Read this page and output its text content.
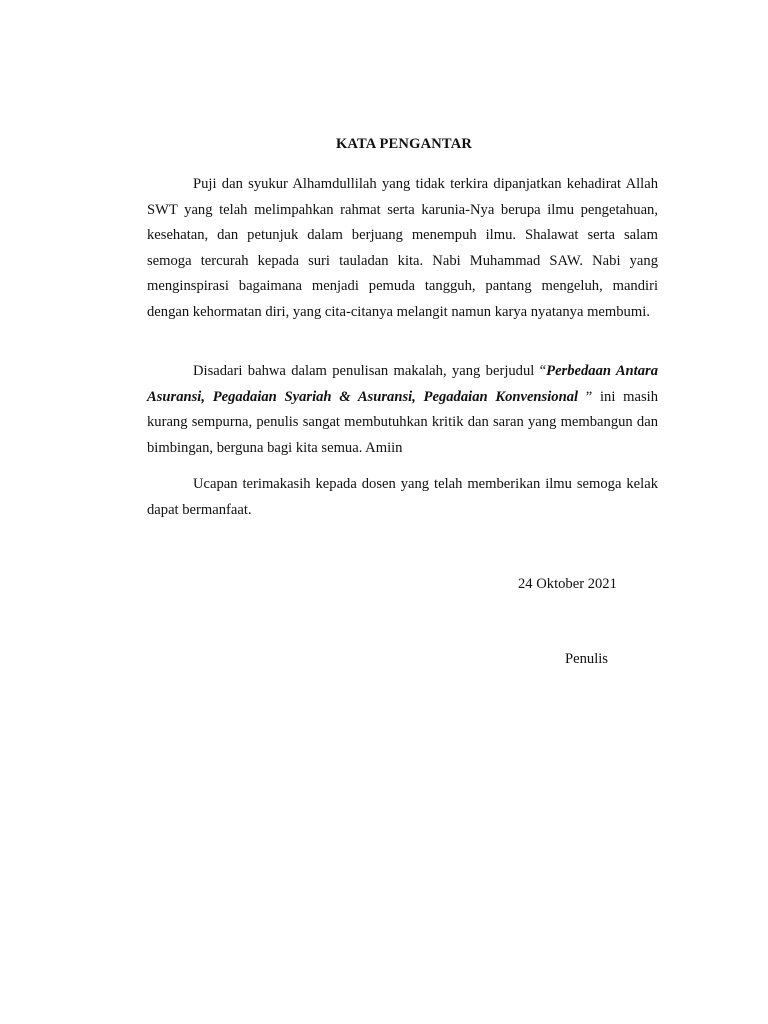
KATA PENGANTAR

Puji dan syukur Alhamdullilah yang tidak terkira dipanjatkan kehadirat Allah SWT yang telah melimpahkan rahmat serta karunia-Nya berupa ilmu pengetahuan, kesehatan, dan petunjuk dalam berjuang menempuh ilmu. Shalawat serta salam semoga tercurah kepada suri tauladan kita. Nabi Muhammad SAW. Nabi yang menginspirasi bagaimana menjadi pemuda tangguh, pantang mengeluh, mandiri dengan kehormatan diri, yang cita-citanya melangit namun karya nyatanya membumi.

Disadari bahwa dalam penulisan makalah, yang berjudul “Perbedaan Antara Asuransi, Pegadaian Syariah & Asuransi, Pegadaian Konvensional ” ini masih kurang sempurna, penulis sangat membutuhkan kritik dan saran yang membangun dan bimbingan, berguna bagi kita semua. Amiin

Ucapan terimakasih kepada dosen yang telah memberikan ilmu semoga kelak dapat bermanfaat.

24 Oktober 2021
Penulis
